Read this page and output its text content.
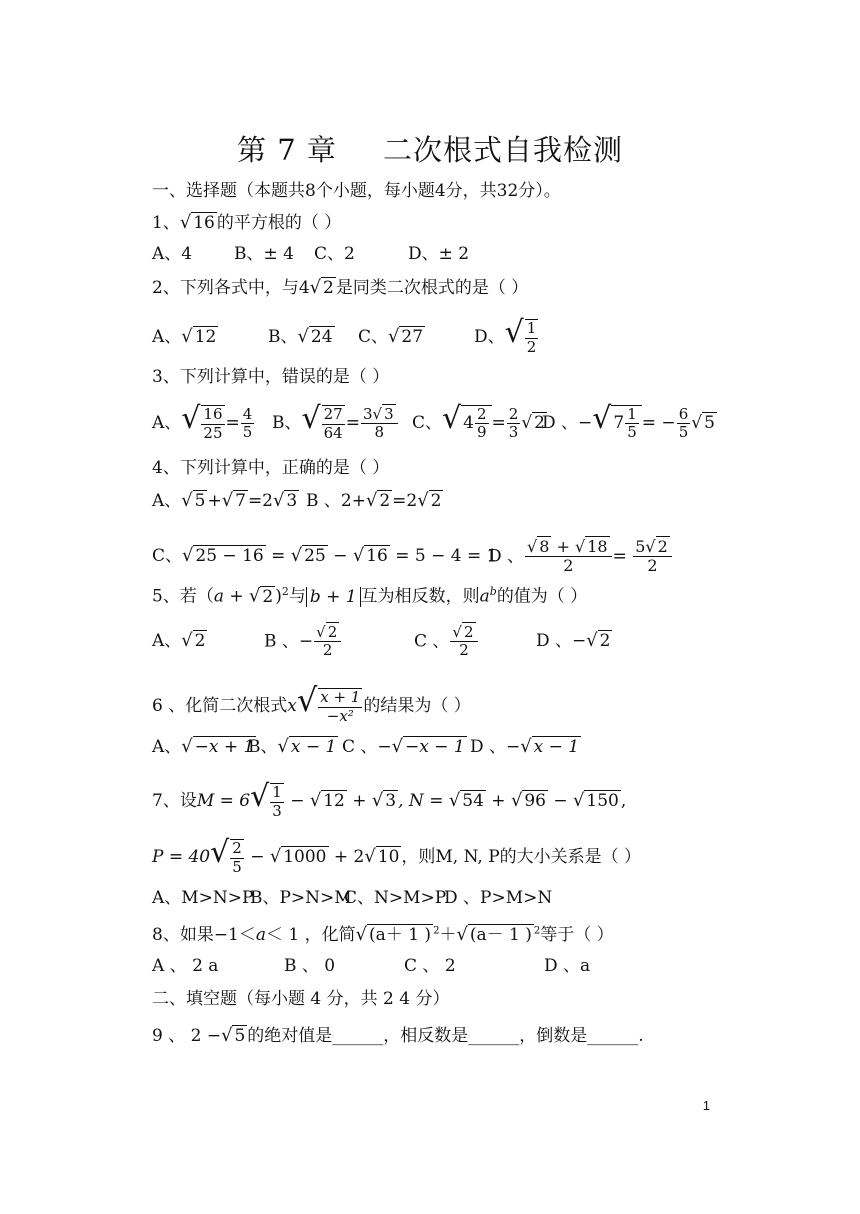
第 7 章 二次根式自我检测
一、选择题（本题共8个小题，每小题4分，共32分）。
1、√ 16 的平方根的（ ）
A、4 B、± 4 C、2	D、± 2
2、下列各式中，与4√ 2 是同类二次根式的是（ ）
A、√ 12	B、√ 24 C、√ 27	D、√ $\frac{1}{2}$
3、下列计算中，错误的是（ ）
A、√ $\frac{16}{25} = \frac{4}{5}$ B、√ $\frac{27}{64} = \frac{3√ 3}{8}$ C、√ $4 \frac{2}{9} = \frac{2}{3}$ √ 2D 、−√ $7 \frac{1}{5}$ = − $\frac{6}{5}$ √ 5
4、下列计算中，正确的是（ ）
A、√ 5 +√ 7 =2√ 3 B 、2+√ 2 =2√ 2
C、√ 25 − 16 = √ 25 − √ 16 = 5 − 4 = 1D 、 $\frac{√ 8 + √ 18}{2} = \frac{5√ 2}{2}$
5、若（a + √ 2 )$^2$与 b + 1 互为相反数，则$a^b$的值为（ ）
A、√ 2	B 、− $\frac{√ 2}{2}$	C 、 $\frac{√ 2}{2}$	D 、−√ 2
6 、化简二次根式$x√ \frac{x + 1}{\text{−x²}}$ 的结果为（ ）
A、√ −x + 1B、√ x − 1 C 、−√ −x − 1 D 、−√ x − 1
7、设$M = 6√ \frac{1}{3}$ − √ 12 + √ 3 , N = √ 54 + √ 96 − √ 150 ,
$P = 40√ \frac{2}{5}$ − √ 1000 + 2√ 10 ，则M, N, P的大小关系是（ ）
A、M>N>PB、P>N>MC、N>M>PD 、P>M>N
8、如果−1＜a＜ 1 ，化简√ (a＋ 1 ) $^2$＋√ (a－ 1 ) $^2$等于（ ）
A 、 2 a	B 、 0	C 、 2	D 、a
二、填空题（每小题 4 分，共 2 4 分）
9 、 2 −√ 5 的绝对值是______，相反数是______，倒数是______.
1
